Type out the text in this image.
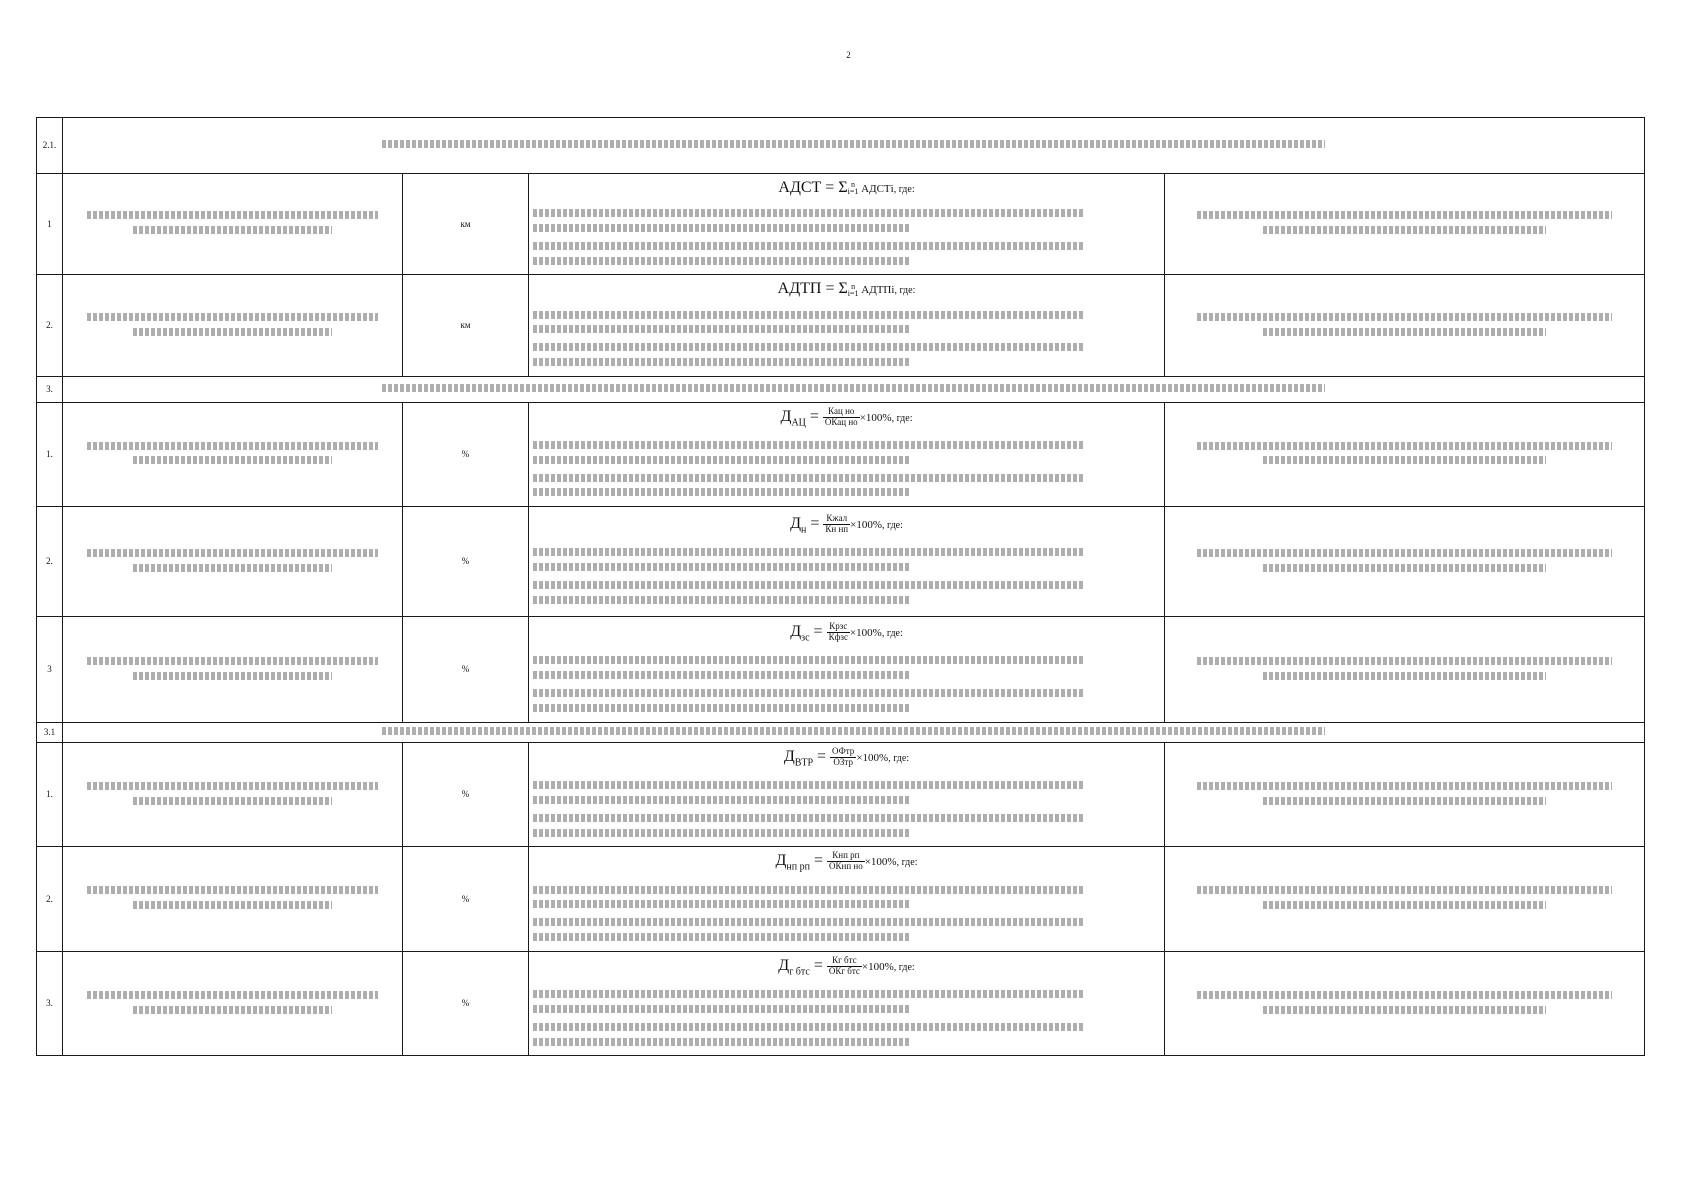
2
2.1.				
1		км	АДСТ = Σ n
i=1 АДСТi, где:	

2.		км	АДТП = Σ n
i=1 АДТПi, где:	

3.				
1.		%	$Д_{АЦ} = \frac{\text{Кац но}}{\text{ОКац но}} \times 100\%$, где:	

2.		%	$Д_н = \frac{\text{Кжал}}{\text{Кн нп}} \times 100\%$, где:	

3		%	$Д_{зс} = \frac{\text{Крзс}}{\text{Кфзс}} \times 100\%$, где:	

3.1				
1.		%	$Д_{ВТР} = \frac{\text{ОФтр}}{\text{ОЗтр}} \times 100\%$, где:	

2.		%	$Д_{нп рп} = \frac{\text{Кнп рп}}{\text{ОКнп но}} \times 100\%$, где:	

3.		%	$Д_{г бтс} = \frac{\text{Кг бтс}}{\text{ОКг бтс}} \times 100\%$, где:	
